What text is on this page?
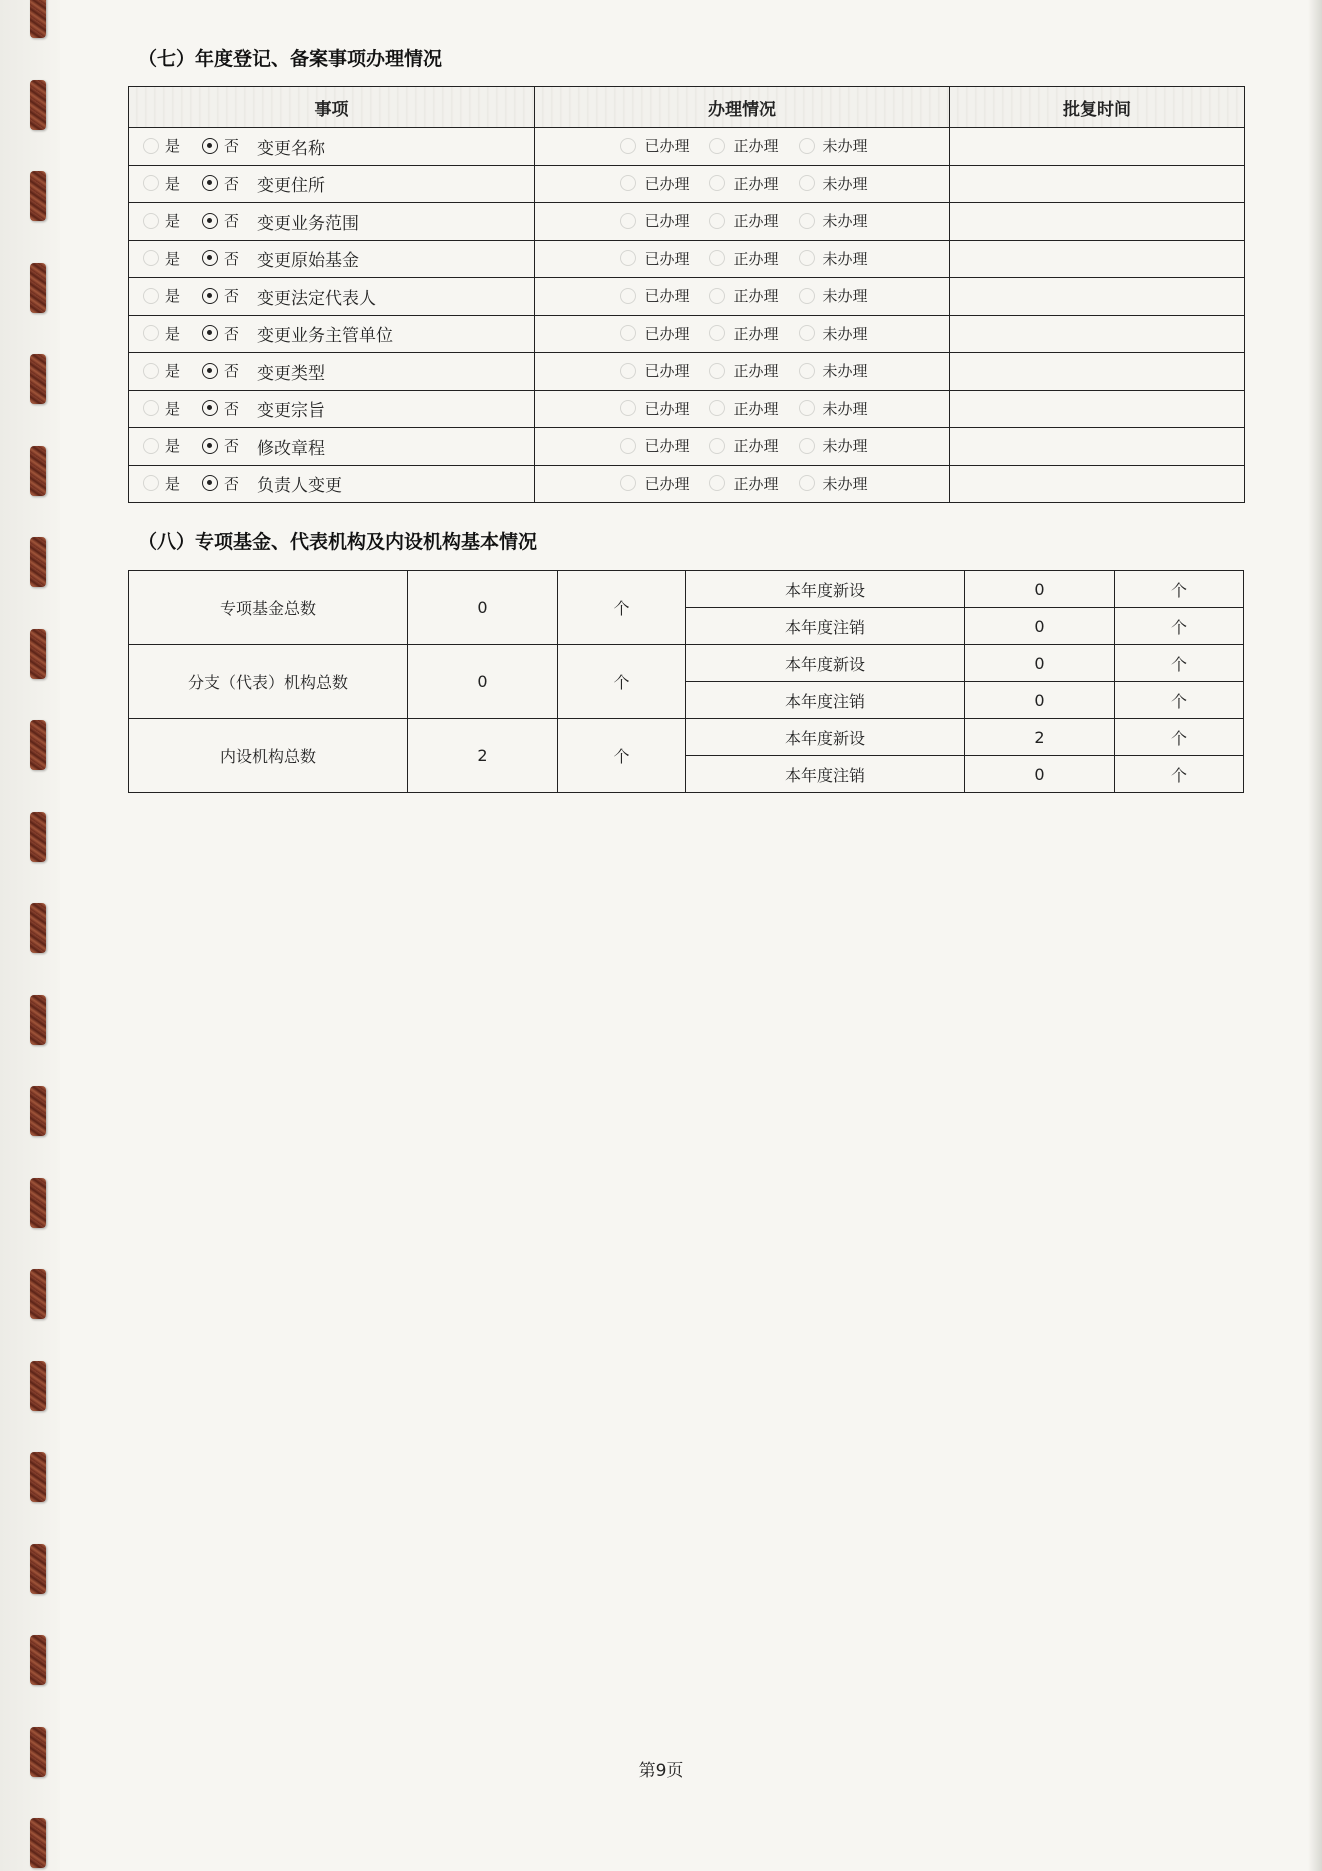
（七）年度登记、备案事项办理情况
事项	办理情况	批复时间

是 否 变更名称	已办理 正办理 未办理	

是 否 变更住所	已办理 正办理 未办理	

是 否 变更业务范围	已办理 正办理 未办理	

是 否 变更原始基金	已办理 正办理 未办理	

是 否 变更法定代表人	已办理 正办理 未办理	

是 否 变更业务主管单位	已办理 正办理 未办理	

是 否 变更类型	已办理 正办理 未办理	

是 否 变更宗旨	已办理 正办理 未办理	

是 否 修改章程	已办理 正办理 未办理	

是 否 负责人变更	已办理 正办理 未办理	

（八）专项基金、代表机构及内设机构基本情况
专项基金总数	0	个	本年度新设	0	个
			本年度注销	0	个
分支（代表）机构总数	0	个	本年度新设	0	个
			本年度注销	0	个
内设机构总数	2	个	本年度新设	2	个
			本年度注销	0	个
第9页
